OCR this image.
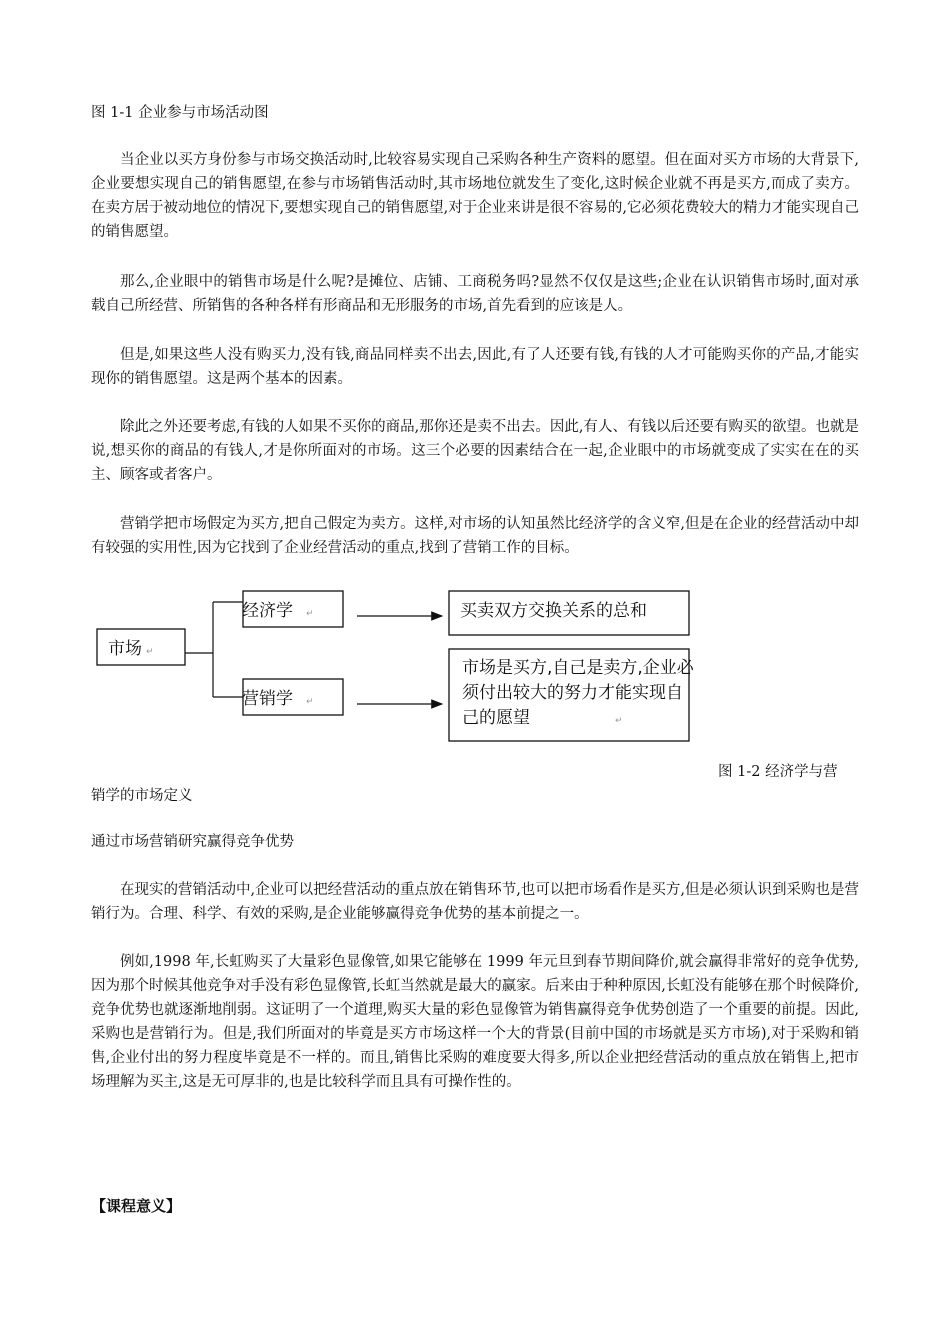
图 1-1 企业参与市场活动图

当企业以买方身份参与市场交换活动时,比较容易实现自己采购各种生产资料的愿望。但在面对买方市场的大背景下,企业要想实现自己的销售愿望,在参与市场销售活动时,其市场地位就发生了变化,这时候企业就不再是买方,而成了卖方。在卖方居于被动地位的情况下,要想实现自己的销售愿望,对于企业来讲是很不容易的,它必须花费较大的精力才能实现自己的销售愿望。

那么,企业眼中的销售市场是什么呢?是摊位、店铺、工商税务吗?显然不仅仅是这些;企业在认识销售市场时,面对承载自己所经营、所销售的各种各样有形商品和无形服务的市场,首先看到的应该是人。

但是,如果这些人没有购买力,没有钱,商品同样卖不出去,因此,有了人还要有钱,有钱的人才可能购买你的产品,才能实现你的销售愿望。这是两个基本的因素。

除此之外还要考虑,有钱的人如果不买你的商品,那你还是卖不出去。因此,有人、有钱以后还要有购买的欲望。也就是说,想买你的商品的有钱人,才是你所面对的市场。这三个必要的因素结合在一起,企业眼中的市场就变成了实实在在的买主、顾客或者客户。

营销学把市场假定为买方,把自己假定为卖方。这样,对市场的认知虽然比经济学的含义窄,但是在企业的经营活动中却有较强的实用性,因为它找到了企业经营活动的重点,找到了营销工作的目标。

市场 ↵
经济学 ↵
营销学 ↵
买卖双方交换关系的总和
市场是买方,自己是卖方,企业必
须付出较大的努力才能实现自
己的愿望	↵
图 1-2 经济学与营
销学的市场定义
通过市场营销研究赢得竞争优势

在现实的营销活动中,企业可以把经营活动的重点放在销售环节,也可以把市场看作是买方,但是必须认识到采购也是营销行为。合理、科学、有效的采购,是企业能够赢得竞争优势的基本前提之一。

例如,1998 年,长虹购买了大量彩色显像管,如果它能够在 1999 年元旦到春节期间降价,就会赢得非常好的竞争优势,因为那个时候其他竞争对手没有彩色显像管,长虹当然就是最大的赢家。后来由于种种原因,长虹没有能够在那个时候降价,竞争优势也就逐渐地削弱。这证明了一个道理,购买大量的彩色显像管为销售赢得竞争优势创造了一个重要的前提。因此,采购也是营销行为。但是,我们所面对的毕竟是买方市场这样一个大的背景(目前中国的市场就是买方市场),对于采购和销售,企业付出的努力程度毕竟是不一样的。而且,销售比采购的难度要大得多,所以企业把经营活动的重点放在销售上,把市场理解为买主,这是无可厚非的,也是比较科学而且具有可操作性的。

【课程意义】
